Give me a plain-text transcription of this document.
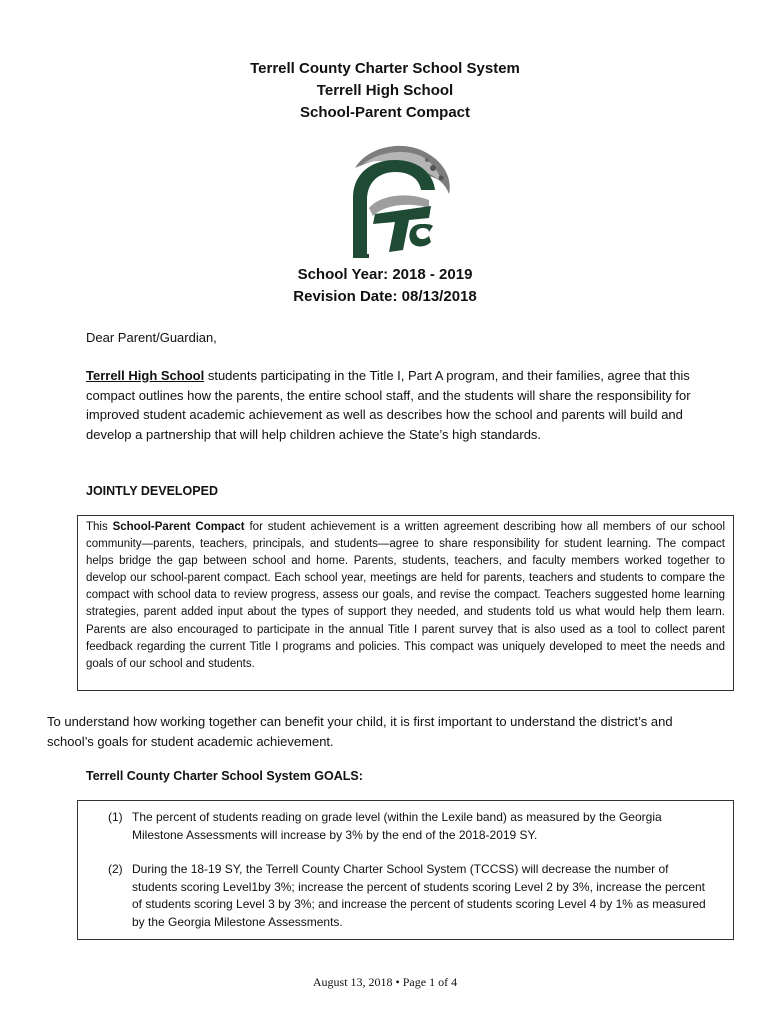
Terrell County Charter School System
Terrell High School
School-Parent Compact
School Year: 2018 - 2019
Revision Date: 08/13/2018
Dear Parent/Guardian,
Terrell High School students participating in the Title I, Part A program, and their families, agree that this compact outlines how the parents, the entire school staff, and the students will share the responsibility for improved student academic achievement as well as describes how the school and parents will build and develop a partnership that will help children achieve the State’s high standards.
JOINTLY DEVELOPED
This School-Parent Compact for student achievement is a written agreement describing how all members of our school community—parents, teachers, principals, and students—agree to share responsibility for student learning. The compact helps bridge the gap between school and home. Parents, students, teachers, and faculty members worked together to develop our school-parent compact. Each school year, meetings are held for parents, teachers and students to compare the compact with school data to review progress, assess our goals, and revise the compact. Teachers suggested home learning strategies, parent added input about the types of support they needed, and students told us what would help them learn. Parents are also encouraged to participate in the annual Title I parent survey that is also used as a tool to collect parent feedback regarding the current Title I programs and policies. This compact was uniquely developed to meet the needs and goals of our school and students.
To understand how working together can benefit your child, it is first important to understand the district’s and school’s goals for student academic achievement.
Terrell County Charter School System GOALS:
(1) The percent of students reading on grade level (within the Lexile band) as measured by the Georgia Milestone Assessments will increase by 3% by the end of the 2018-2019 SY.
(2) During the 18-19 SY, the Terrell County Charter School System (TCCSS) will decrease the number of students scoring Level1by 3%; increase the percent of students scoring Level 2 by 3%, increase the percent of students scoring Level 3 by 3%; and increase the percent of students scoring Level 4 by 1% as measured by the Georgia Milestone Assessments.
August 13, 2018 • Page 1 of 4
